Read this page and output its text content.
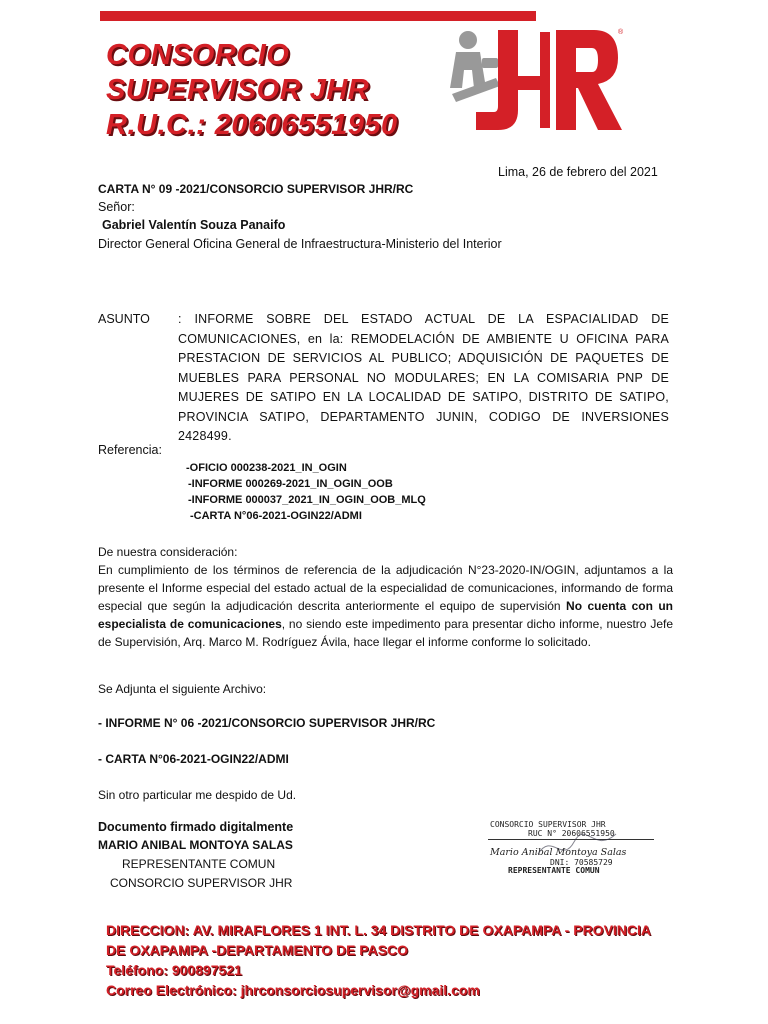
CONSORCIO
SUPERVISOR JHR
R.U.C.: 20606551950
®
Lima, 26 de febrero del 2021
CARTA N° 09 -2021/CONSORCIO SUPERVISOR JHR/RC
Señor:
Gabriel Valentín Souza Panaifo
Director General Oficina General de Infraestructura-Ministerio del Interior
ASUNTO : INFORME SOBRE DEL ESTADO ACTUAL DE LA ESPACIALIDAD DE COMUNICACIONES, en la: REMODELACIÓN DE AMBIENTE U OFICINA PARA PRESTACION DE SERVICIOS AL PUBLICO; ADQUISICIÓN DE PAQUETES DE MUEBLES PARA PERSONAL NO MODULARES; EN LA COMISARIA PNP DE MUJERES DE SATIPO EN LA LOCALIDAD DE SATIPO, DISTRITO DE SATIPO, PROVINCIA SATIPO, DEPARTAMENTO JUNIN, CODIGO DE INVERSIONES 2428499.
Referencia:
-OFICIO 000238-2021_IN_OGIN
-INFORME 000269-2021_IN_OGIN_OOB
-INFORME 000037_2021_IN_OGIN_OOB_MLQ
-CARTA N°06-2021-OGIN22/ADMI
De nuestra consideración:
En cumplimiento de los términos de referencia de la adjudicación N°23-2020-IN/OGIN, adjuntamos a la presente el Informe especial del estado actual de la especialidad de comunicaciones, informando de forma especial que según la adjudicación descrita anteriormente el equipo de supervisión No cuenta con un especialista de comunicaciones, no siendo este impedimento para presentar dicho informe, nuestro Jefe de Supervisión, Arq. Marco M. Rodríguez Ávila, hace llegar el informe conforme lo solicitado.
Se Adjunta el siguiente Archivo:
- INFORME N° 06 -2021/CONSORCIO SUPERVISOR JHR/RC
- CARTA N°06-2021-OGIN22/ADMI
Sin otro particular me despido de Ud.
Documento firmado digitalmente
MARIO ANIBAL MONTOYA SALAS
REPRESENTANTE COMUN
CONSORCIO SUPERVISOR JHR
CONSORCIO SUPERVISOR JHR
RUC N° 20606551950
Mario Anibal Montoya Salas
DNI: 70585729
REPRESENTANTE COMUN
DIRECCION: AV. MIRAFLORES 1 INT. L. 34 DISTRITO DE OXAPAMPA - PROVINCIA
DE OXAPAMPA -DEPARTAMENTO DE PASCO
Teléfono: 900897521
Correo Electrónico: jhrconsorciosupervisor@gmail.com
